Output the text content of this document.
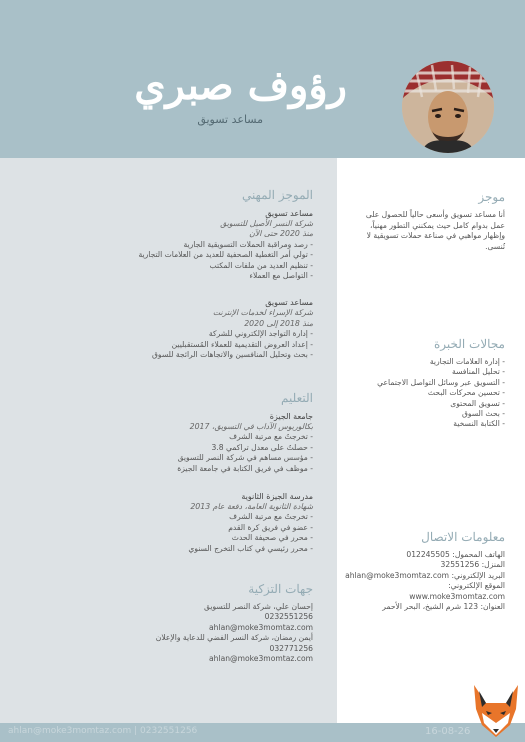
رؤوف صبري
مساعد تسويق
موجز
أنا مساعد تسويق وأسعى حالياً للحصول على عمل بدوام كامل حيث يمكنني التطور مهنياً، وإظهار مواهبي في صناعة حملات تسويقية لا تُنسى.
مجالات الخبرة
- إدارة العلامات التجارية
- تحليل المنافسة
- التسويق عبر وسائل التواصل الاجتماعي
- تحسين محركات البحث
- تسويق المحتوى
- بحث السوق
- الكتابة النسخية
معلومات الاتصال
الهاتف المحمول: 012245505
المنزل: 32551256
البريد الإلكتروني: ahlan@moke3momtaz.com
الموقع الإلكتروني:
www.moke3momtaz.com
العنوان: 123 شرم الشيخ، البحر الأحمر
الموجز المهني
مساعد تسويق
شركة النسر الأصيل للتسويق
منذ 2020 حتى الآن
- رصد ومراقبة الحملات التسويقية الجارية
- تولي أمر التغطية الصحفية للعديد من العلامات التجارية
- تنظيم العديد من ملفات المكتب
- التواصل مع العملاء
مساعد تسويق
شركة الإسراء لخدمات الإنترنت
منذ 2018 إلى 2020
- إدارة التواجد الإلكتروني للشركة
- إعداد العروض التقديمية للعملاء المُستقبليين
- بحث وتحليل المنافسين والاتجاهات الرائجة للسوق
التعليم
جامعة الجيزة
بكالوريوس الآداب في التسويق، 2017
- تخرجتُ مع مرتبة الشرف
- حصلتُ على معدل تراكمي 3.8
- مؤسس مساهم في شركة النصر للتسويق
- موظف في فريق الكتابة في جامعة الجيزة
مدرسة الجيزة الثانوية
شهادة الثانوية العامة، دفعة عام 2013
- تخرجتُ مع مرتبة الشرف
- عضو في فريق كرة القدم
- محرر في صحيفة الحدث
- محرر رئيسي في كتاب التخرج السنوي
جهات التزكية
إحسان علي، شركة النصر للتسويق
0232551256
ahlan@moke3momtaz.com
أيمن رمضان، شركة النسر الفضي للدعاية والإعلان
032771256
ahlan@moke3momtaz.com
ahlan@moke3momtaz.com | 0232551256	16-08-26
